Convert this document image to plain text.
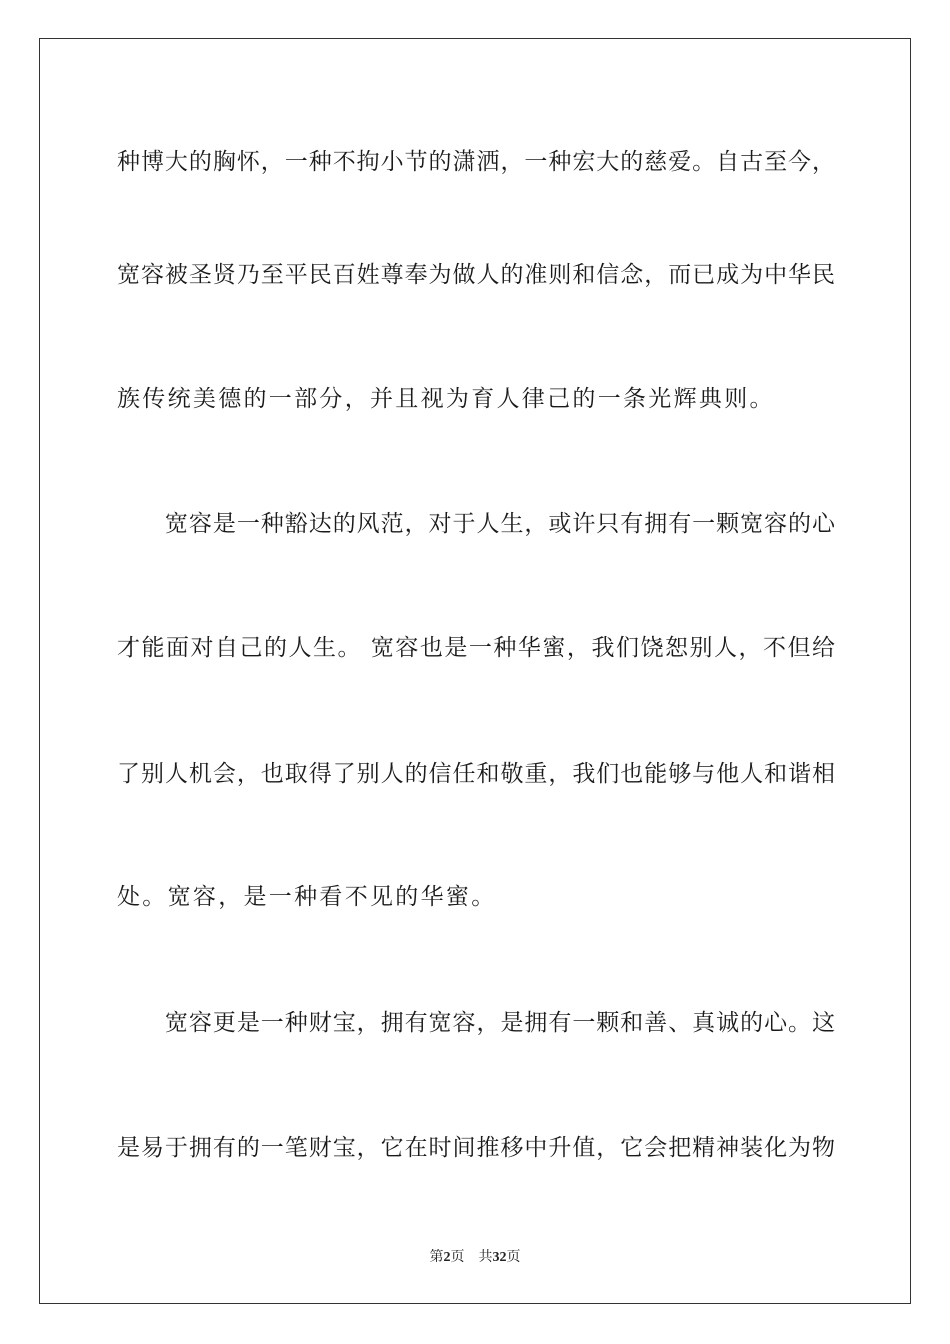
种博大的胸怀，一种不拘小节的潇洒，一种宏大的慈爱。自古至今，
宽容被圣贤乃至平民百姓尊奉为做人的准则和信念，而已成为中华民
族传统美德的一部分，并且视为育人律己的一条光辉典则。
　　宽容是一种豁达的风范，对于人生，或许只有拥有一颗宽容的心
才能面对自己的人生。 宽容也是一种华蜜，我们饶恕别人，不但给
了别人机会，也取得了别人的信任和敬重，我们也能够与他人和谐相
处。宽容，是一种看不见的华蜜。
　　宽容更是一种财宝，拥有宽容，是拥有一颗和善、真诚的心。这
是易于拥有的一笔财宝，它在时间推移中升值，它会把精神装化为物
第2页　共32页
